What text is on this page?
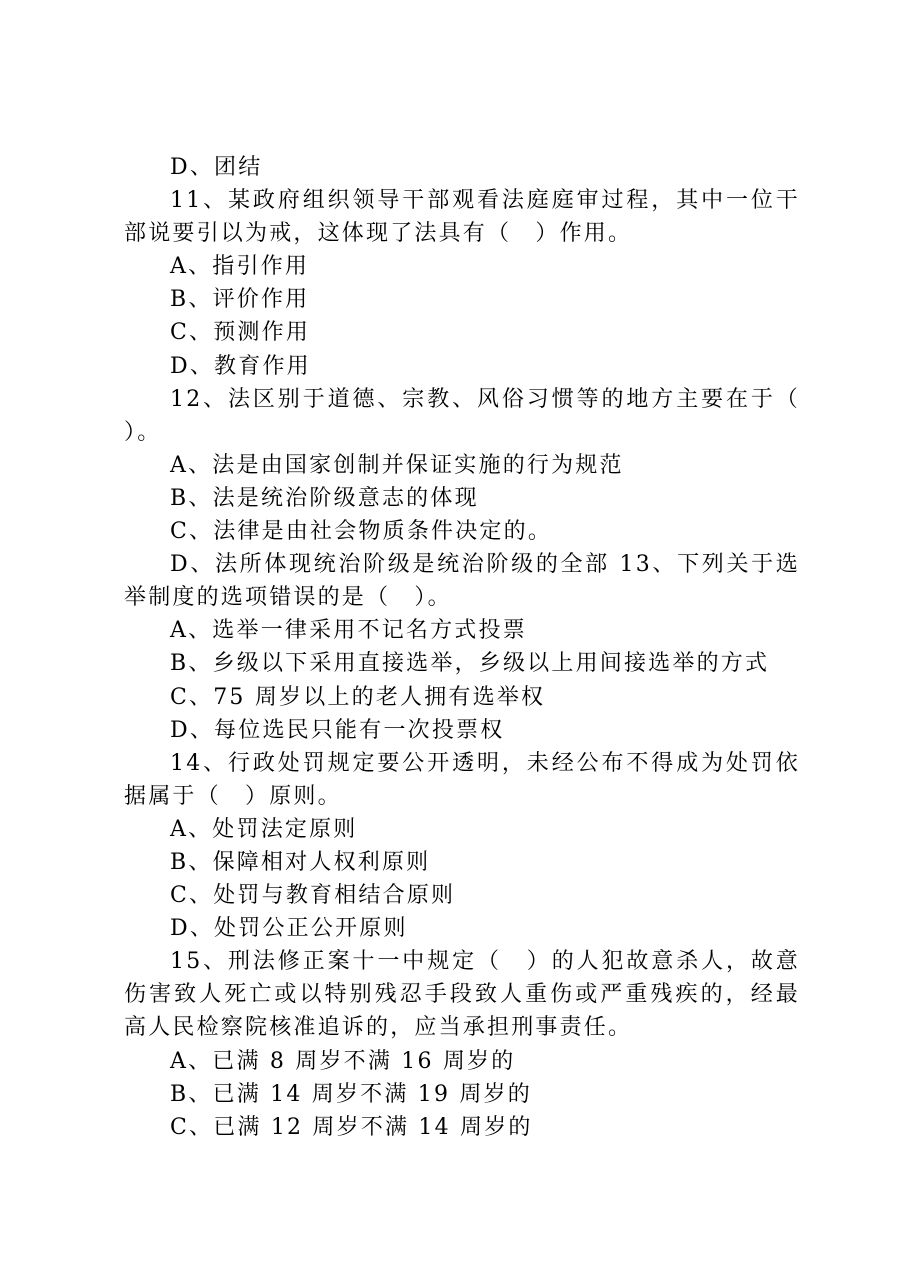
D、团结
11、某政府组织领导干部观看法庭庭审过程，其中一位干
部说要引以为戒，这体现了法具有（　）作用。
A、指引作用
B、评价作用
C、预测作用
D、教育作用
12、法区别于道德、宗教、风俗习惯等的地方主要在于（
）。
A、法是由国家创制并保证实施的行为规范
B、法是统治阶级意志的体现
C、法律是由社会物质条件决定的。
D、法所体现统治阶级是统治阶级的全部 13、下列关于选
举制度的选项错误的是（　）。
A、选举一律采用不记名方式投票
B、乡级以下采用直接选举，乡级以上用间接选举的方式
C、75 周岁以上的老人拥有选举权
D、每位选民只能有一次投票权
14、行政处罚规定要公开透明，未经公布不得成为处罚依
据属于（　）原则。
A、处罚法定原则
B、保障相对人权利原则
C、处罚与教育相结合原则
D、处罚公正公开原则
15、刑法修正案十一中规定（　）的人犯故意杀人，故意
伤害致人死亡或以特别残忍手段致人重伤或严重残疾的，经最
高人民检察院核准追诉的，应当承担刑事责任。
A、已满 8 周岁不满 16 周岁的
B、已满 14 周岁不满 19 周岁的
C、已满 12 周岁不满 14 周岁的
